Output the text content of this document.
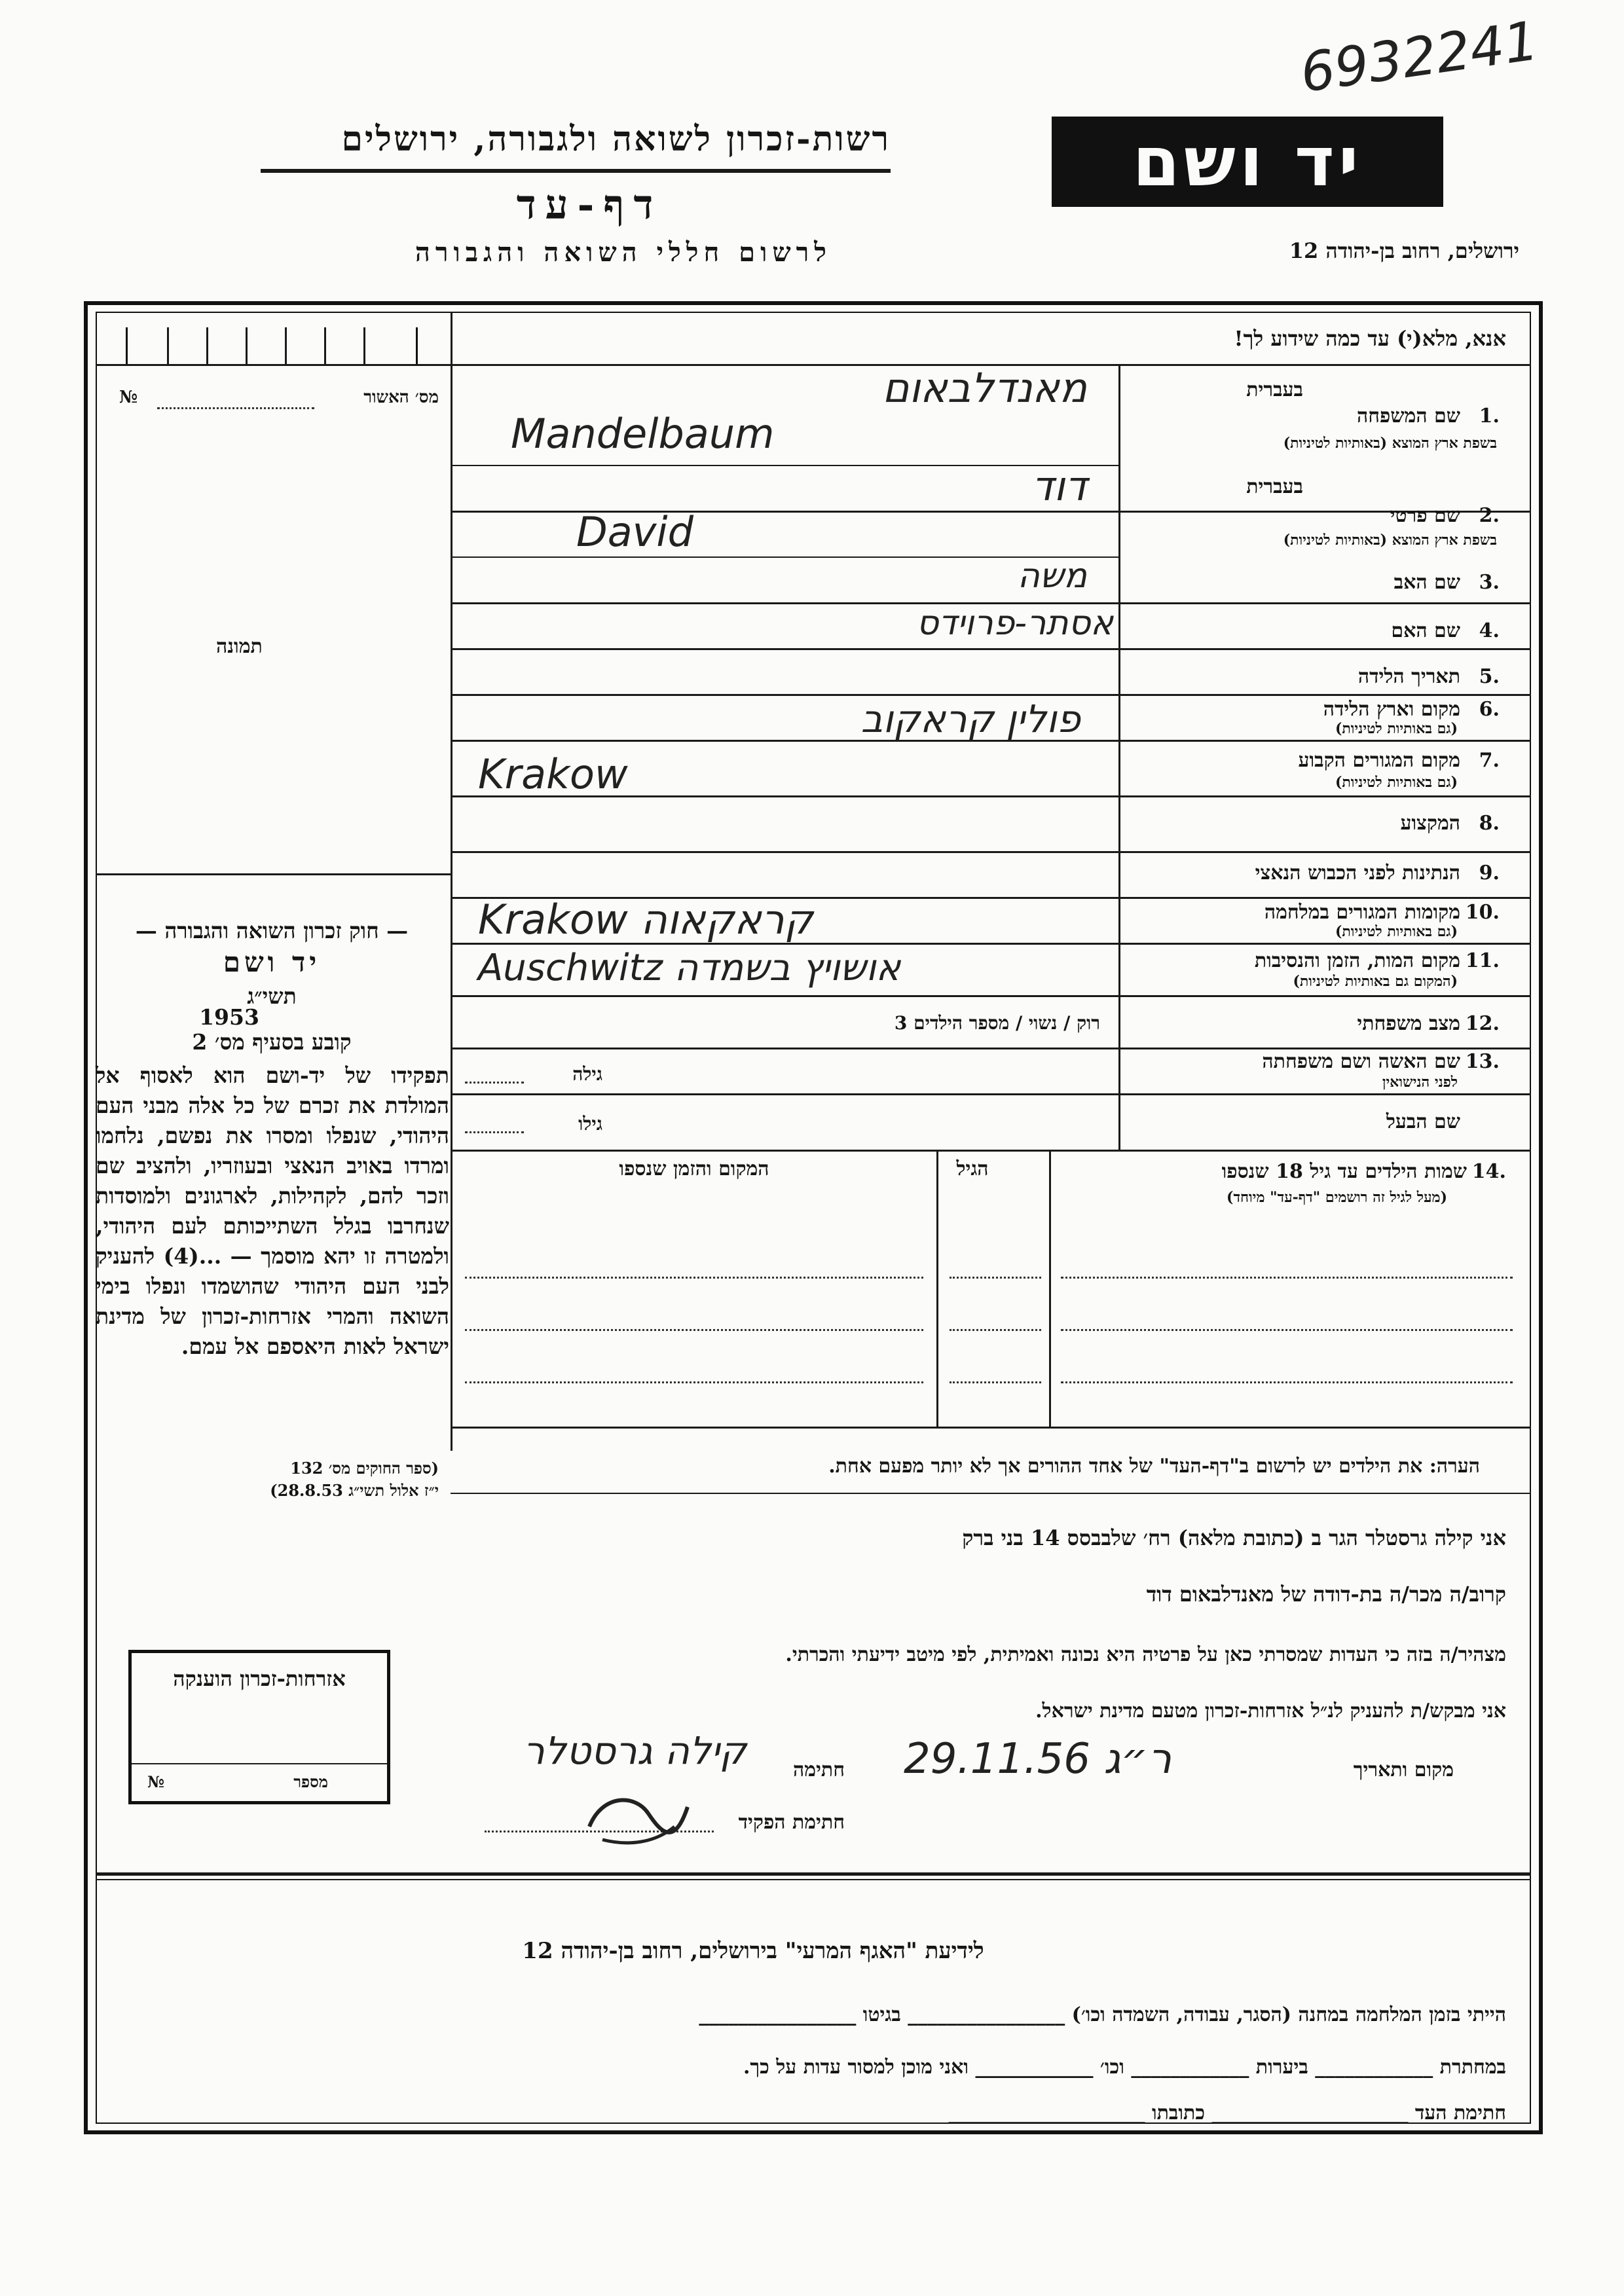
6932241
יד ושם
רשות-זכרון לשואה ולגבורה, ירושלים
דף-עד
לרשום חללי השואה והגבורה	ירושלים, רחוב בן-יהודה 12
אנא, מלא(י) עד כמה שידוע לך!
מס׳ האשור
№
תמונה
בעברית
שם המשפחה 1.
בשפת ארץ המוצא (באותיות לטיניות)
מאנדלבאום
Mandelbaum
בעברית
שם פרטי 2.
בשפת ארץ המוצא (באותיות לטיניות)
דוד
David
שם האב 3.
משה
שם האם 4.
אסתר-פרוידס
תאריך הלידה 5.
מקום וארץ הלידה 6.
(גם באותיות לטיניות)
פולין קראקוב
מקום המגורים הקבוע 7.
(גם באותיות לטיניות)
Krakow
המקצוע 8.
הנתינות לפני הכבוש הנאצי 9.
מקומות המגורים במלחמה 10.
(גם באותיות לטיניות)
Krakow קראקאוה
מקום המות, הזמן והנסיבות 11.
(המקום גם באותיות לטיניות)
Auschwitz אושויץ בשמדה
מצב משפחתי 12.
רוק / נשוי / מספר הילדים 3
שם האשה ושם משפחתה 13.
לפני הנישואין
גילה
שם הבעל
גילו
שמות הילדים עד גיל 18 שנספו 14.
(מעל לגיל זה רושמים "דף-עד" מיוחד)
הגיל
המקום והזמן שנספו
— חוק זכרון השואה והגבורה —
יד ושם
תשי״ג
1953
קובע בסעיף מס׳ 2
תפקידו של יד-ושם הוא לאסוף אל המולדת את זכרם של כל אלה מבני העם היהודי, שנפלו ומסרו את נפשם, נלחמו ומרדו באויב הנאצי ובעוזריו, ולהציב שם וזכר להם, לקהילות, לארגונים ולמוסדות שנחרבו בגלל השתייכותם לעם היהודי, ולמטרה זו יהא מוסמך — ...(4) להעניק לבני העם היהודי שהושמדו ונפלו בימי השואה והמרי אזרחות-זכרון של מדינת ישראל לאות היאספם אל עמם.
(ספר החוקים מס׳ 132
י״ז אלול תשי״ג 28.8.53)
הערה: את הילדים יש לרשום ב"דף-העד" של אחד ההורים אך לא יותר מפעם אחת.
אני קילה גרסטלר הגר ב (כתובת מלאה) רח׳ שלבבסס 14 בני ברק
קרוב/ה מכר/ה בת-דודה של מאנדלבאום דוד
מצהיר/ה בזה כי העדות שמסרתי כאן על פרטיה היא נכונה ואמיתית, לפי מיטב ידיעתי והכרתי.
אני מבקש/ת להעניק לנ״ל אזרחות-זכרון מטעם מדינת ישראל.
מקום ותאריך
ר״ג 29.11.56
חתימה
קילה גרסטלר
חתימת הפקיד
אזרחות-זכרון הוענקה
מספר
№
לידיעת "האגף המרעי" בירושלים, רחוב בן-יהודה 12
הייתי בזמן המלחמה במחנה (הסגר, עבודה, השמדה וכו׳) ________________ בגיטו ________________
במחתרת ____________ ביערות ____________ וכו׳ ____________ ואני מוכן למסור עדות על כך.
חתימת העד ____________________ כתובתו ____________________
